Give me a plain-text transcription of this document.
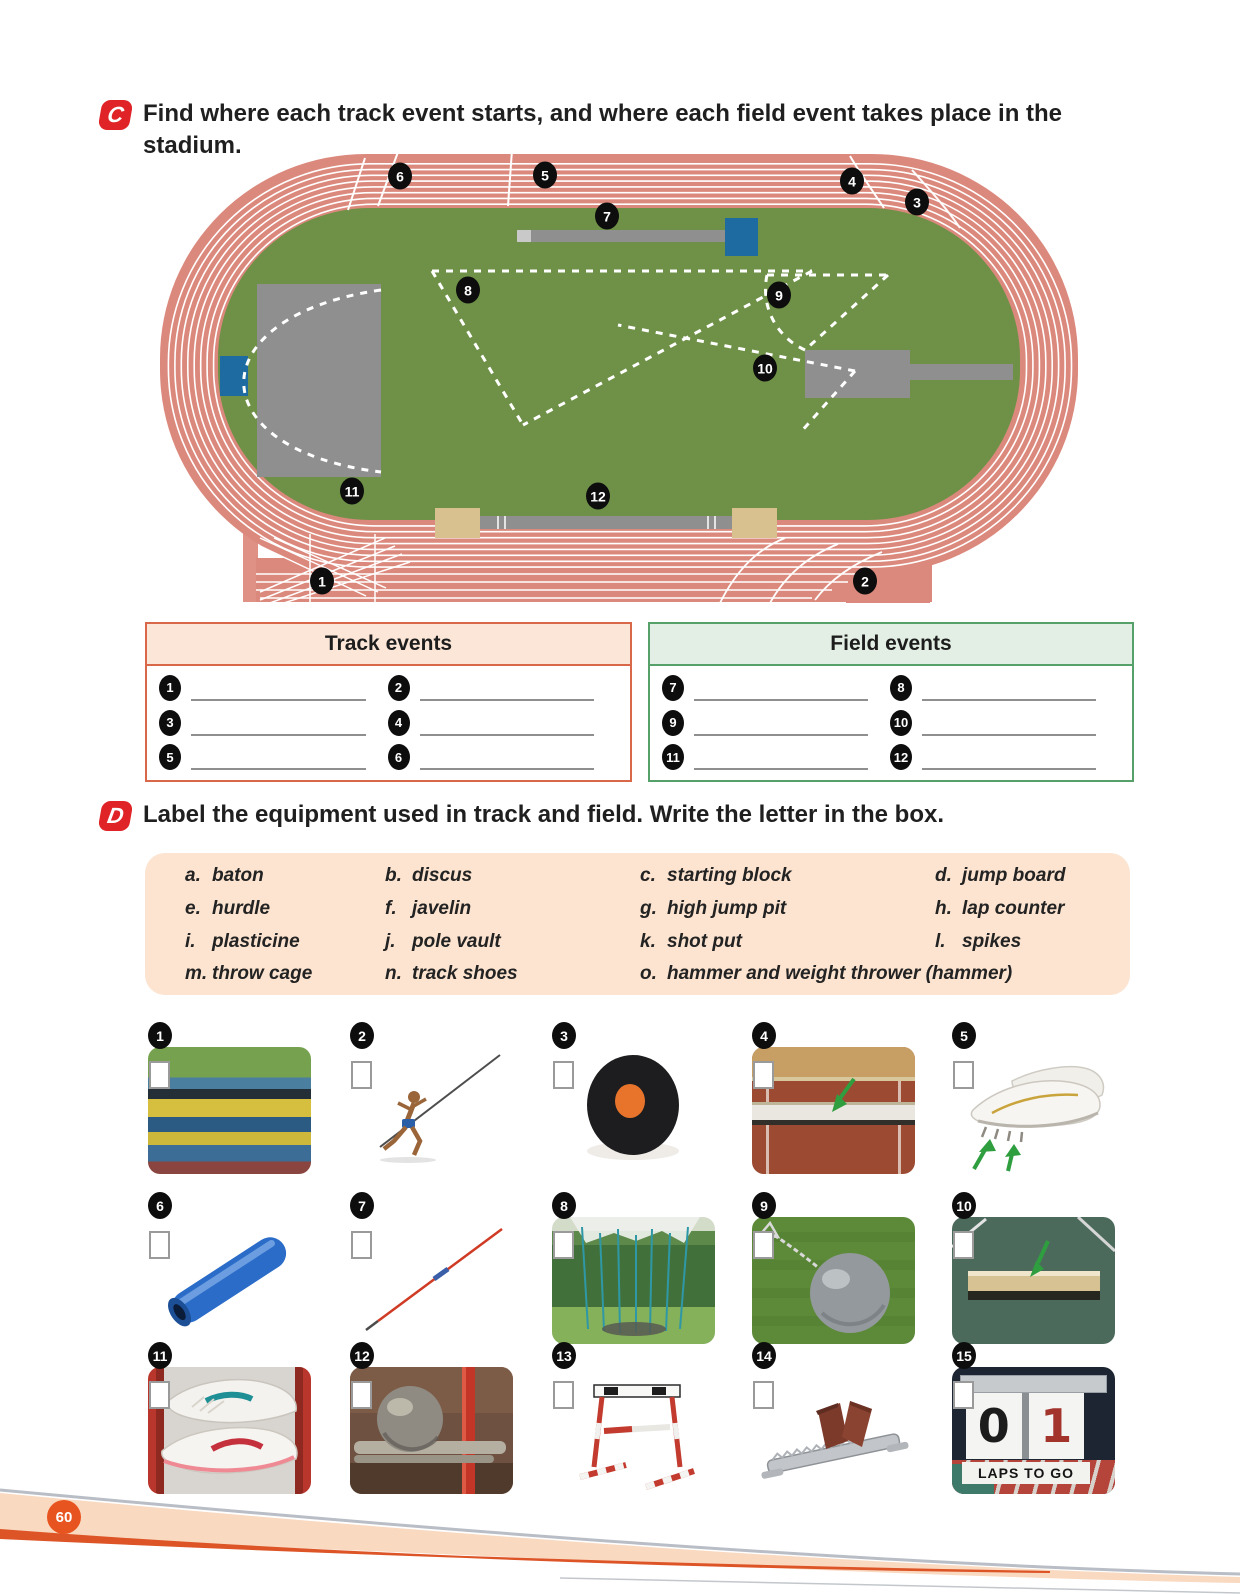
C Find where each track event starts, and where each field event takes place in the stadium.
1	2
3
4
5
6
7
8	9
10
11	12
Track events
1	2
3	4
5	6
Field events
7	8
9	10
11	12
D Label the equipment used in track and field. Write the letter in the box.
a. baton	b. discus	c. starting block	d. jump board
e. hurdle	f. javelin	g. high jump pit	h. lap counter
i. plasticine	j. pole vault	k. shot put	l. spikes
m. throw cage	n. track shoes	o. hammer and weight thrower (hammer)
1	2	3	4	5
6	7	8	9	10
11	12	13	14	15
0 1
LAPS TO GO
60
